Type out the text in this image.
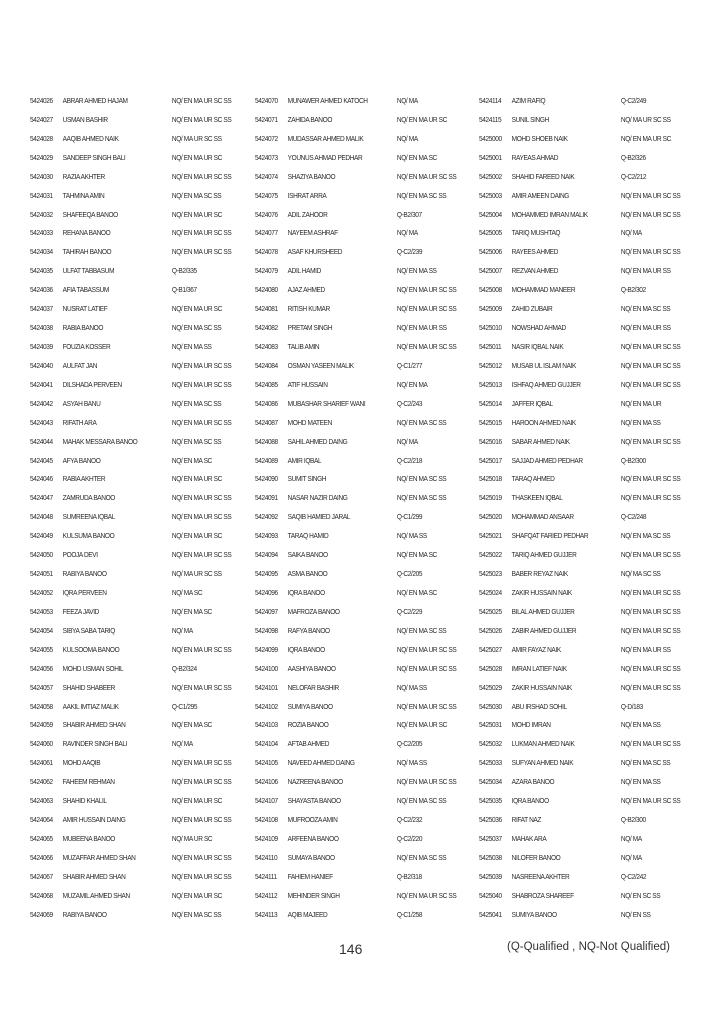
5424026 ABRAR AHMED HAJAM	NQ/ EN MA UR SC SS
5424027 USMAN BASHIR	NQ/ EN MA UR SC SS
5424028 AAQIB AHMED NAIK	NQ/ MA UR SC SS
5424029 SANDEEP SINGH BALI	NQ/ EN MA UR SC
5424030 RAZIA AKHTER	NQ/ EN MA UR SC SS
5424031 TAHMINA AMIN	NQ/ EN MA SC SS
5424032 SHAFEEQA BANOO	NQ/ EN MA UR SC
5424033 REHANA BANOO	NQ/ EN MA UR SC SS
5424034 TAHIRAH BANOO	NQ/ EN MA UR SC SS
5424035 ULFAT TABBASUM	Q-B2/335
5424036 AFIA TABASSUM	Q-B1/367
5424037 NUSRAT LATIEF	NQ/ EN MA UR SC
5424038 RABIA BANOO	NQ/ EN MA SC SS
5424039 FOUZIA KOSSER	NQ/ EN MA SS
5424040 AULFAT JAN	NQ/ EN MA UR SC SS
5424041 DILSHADA PERVEEN	NQ/ EN MA UR SC SS
5424042 ASYAH BANU	NQ/ EN MA SC SS
5424043 RIFATH ARA	NQ/ EN MA UR SC SS
5424044 MAHAK MESSARA BANOO	NQ/ EN MA SC SS
5424045 AFYA BANOO	NQ/ EN MA SC
5424046 RABIA AKHTER	NQ/ EN MA UR SC
5424047 ZAMRUDA BANOO	NQ/ EN MA UR SC SS
5424048 SUMREENA IQBAL	NQ/ EN MA UR SC SS
5424049 KULSUMA BANOO	NQ/ EN MA UR SC
5424050 POOJA DEVI	NQ/ EN MA UR SC SS
5424051 RABIYA BANOO	NQ/ MA UR SC SS
5424052 IQRA PERVEEN	NQ/ MA SC
5424053 FEEZA JAVID	NQ/ EN MA SC
5424054 SIBYA SABA TARIQ	NQ/ MA
5424055 KULSOOMA BANOO	NQ/ EN MA UR SC SS
5424056 MOHD USMAN SOHIL	Q-B2/324
5424057 SHAHID SHABEER	NQ/ EN MA UR SC SS
5424058 AAKIL IMTIAZ MALIK	Q-C1/295
5424059 SHABIR AHMED SHAN	NQ/ EN MA SC
5424060 RAVINDER SINGH BALI	NQ/ MA
5424061 MOHD AAQIB	NQ/ EN MA UR SC SS
5424062 FAHEEM REHMAN	NQ/ EN MA UR SC SS
5424063 SHAHID KHALIL	NQ/ EN MA UR SC
5424064 AMIR HUSSAIN DAING	NQ/ EN MA UR SC SS
5424065 MUBEENA BANOO	NQ/ MA UR SC
5424066 MUZAFFAR AHMED SHAN	NQ/ EN MA UR SC SS
5424067 SHABIR AHMED SHAN	NQ/ EN MA UR SC SS
5424068 MUZAMIL AHMED SHAN	NQ/ EN MA UR SC
5424069 RABIYA BANOO	NQ/ EN MA SC SS
5424070 MUNAWER AHMED KATOCH	NQ/ MA
5424071 ZAHIDA BANOO	NQ/ EN MA UR SC
5424072 MUDASSAR AHMED MALIK	NQ/ MA
5424073 YOUNUS AHMAD PEDHAR	NQ/ EN MA SC
5424074 SHAZIYA BANOO	NQ/ EN MA UR SC SS
5424075 ISHRAT ARRA	NQ/ EN MA SC SS
5424076 ADIL ZAHOOR	Q-B2/307
5424077 NAYEEM ASHRAF	NQ/ MA
5424078 ASAF KHURSHEED	Q-C2/239
5424079 ADIL HAMID	NQ/ EN MA SS
5424080 AJAZ AHMED	NQ/ EN MA UR SC SS
5424081 RITISH KUMAR	NQ/ EN MA UR SC SS
5424082 PRETAM SINGH	NQ/ EN MA UR SS
5424083 TALIB AMIN	NQ/ EN MA UR SC SS
5424084 OSMAN YASEEN MALIK	Q-C1/277
5424085 ATIF HUSSAIN	NQ/ EN MA
5424086 MUBASHAR SHARIEF WANI	Q-C2/243
5424087 MOHD MATEEN	NQ/ EN MA SC SS
5424088 SAHIL AHMED DAING	NQ/ MA
5424089 AMIR IQBAL	Q-C2/218
5424090 SUMIT SINGH	NQ/ EN MA SC SS
5424091 NASAR NAZIR DAING	NQ/ EN MA SC SS
5424092 SAQIB HAMIED JARAL	Q-C1/299
5424093 TARAQ HAMID	NQ/ MA SS
5424094 SAIKA BANOO	NQ/ EN MA SC
5424095 ASMA BANOO	Q-C2/205
5424096 IQRA BANOO	NQ/ EN MA SC
5424097 MAFROZA BANOO	Q-C2/229
5424098 RAFYA BANOO	NQ/ EN MA SC SS
5424099 IQRA BANOO	NQ/ EN MA UR SC SS
5424100 AASHIYA BANOO	NQ/ EN MA UR SC SS
5424101 NELOFAR BASHIR	NQ/ MA SS
5424102 SUMIYA BANOO	NQ/ EN MA UR SC SS
5424103 ROZIA BANOO	NQ/ EN MA UR SC
5424104 AFTAB AHMED	Q-C2/205
5424105 NAVEED AHMED DAING	NQ/ MA SS
5424106 NAZREENA BANOO	NQ/ EN MA UR SC SS
5424107 SHAYASTA BANOO	NQ/ EN MA SC SS
5424108 MUFROOZA AMIN	Q-C2/232
5424109 ARFEENA BANOO	Q-C2/220
5424110 SUMAYA BANOO	NQ/ EN MA SC SS
5424111 FAHIEM HANIEF	Q-B2/318
5424112 MEHINDER SINGH	NQ/ EN MA UR SC SS
5424113 AQIB MAJEED	Q-C1/258
5424114 AZIM RAFIQ	Q-C2/249
5424115 SUNIL SINGH	NQ/ MA UR SC SS
5425000 MOHD SHOEB NAIK	NQ/ EN MA UR SC
5425001 RAYEAS AHMAD	Q-B2/326
5425002 SHAHID FAREED NAIK	Q-C2/212
5425003 AMIR AMEEN DAING	NQ/ EN MA UR SC SS
5425004 MOHAMMED IMRAN MALIK	NQ/ EN MA UR SC SS
5425005 TARIQ MUSHTAQ	NQ/ MA
5425006 RAYEES AHMED	NQ/ EN MA UR SC SS
5425007 REZVAN AHMED	NQ/ EN MA UR SS
5425008 MOHAMMAD MANEER	Q-B2/302
5425009 ZAHID ZUBAIR	NQ/ EN MA SC SS
5425010 NOWSHAD AHMAD	NQ/ EN MA UR SS
5425011 NASIR IQBAL NAIK	NQ/ EN MA UR SC SS
5425012 MUSAB UL ISLAM NAIK	NQ/ EN MA UR SC SS
5425013 ISHFAQ AHMED GUJJER	NQ/ EN MA UR SC SS
5425014 JAFFER IQBAL	NQ/ EN MA UR
5425015 HAROON AHMED NAIK	NQ/ EN MA SS
5425016 SABAR AHMED NAIK	NQ/ EN MA UR SC SS
5425017 SAJJAD AHMED PEDHAR	Q-B2/300
5425018 TARAQ AHMED	NQ/ EN MA UR SC SS
5425019 THASKEEN IQBAL	NQ/ EN MA UR SC SS
5425020 MOHAMMAD ANSAAR	Q-C2/248
5425021 SHAFQAT FARIED PEDHAR	NQ/ EN MA SC SS
5425022 TARIQ AHMED GUJJER	NQ/ EN MA UR SC SS
5425023 BABER REYAZ NAIK	NQ/ MA SC SS
5425024 ZAKIR HUSSAIN NAIK	NQ/ EN MA UR SC SS
5425025 BILAL AHMED GUJJER	NQ/ EN MA UR SC SS
5425026 ZABIR AHMED GUJJER	NQ/ EN MA UR SC SS
5425027 AMIR FAYAZ NAIK	NQ/ EN MA UR SS
5425028 IMRAN LATIEF NAIK	NQ/ EN MA UR SC SS
5425029 ZAKIR HUSSAIN NAIK	NQ/ EN MA UR SC SS
5425030 ABU IRSHAD SOHIL	Q-D/183
5425031 MOHD IMRAN	NQ/ EN MA SS
5425032 LUKMAN AHMED NAIK	NQ/ EN MA UR SC SS
5425033 SUFYAN AHMED NAIK	NQ/ EN MA SC SS
5425034 AZARA BANOO	NQ/ EN MA SS
5425035 IQRA BANOO	NQ/ EN MA UR SC SS
5425036 RIFAT NAZ	Q-B2/300
5425037 MAHAK ARA	NQ/ MA
5425038 NILOFER BANOO	NQ/ MA
5425039 NASREENA AKHTER	Q-C2/242
5425040 SHABROZA SHAREEF	NQ/ EN SC SS
5425041 SUMIYA BANOO	NQ/ EN SS
146	(Q-Qualified , NQ-Not Qualified)
